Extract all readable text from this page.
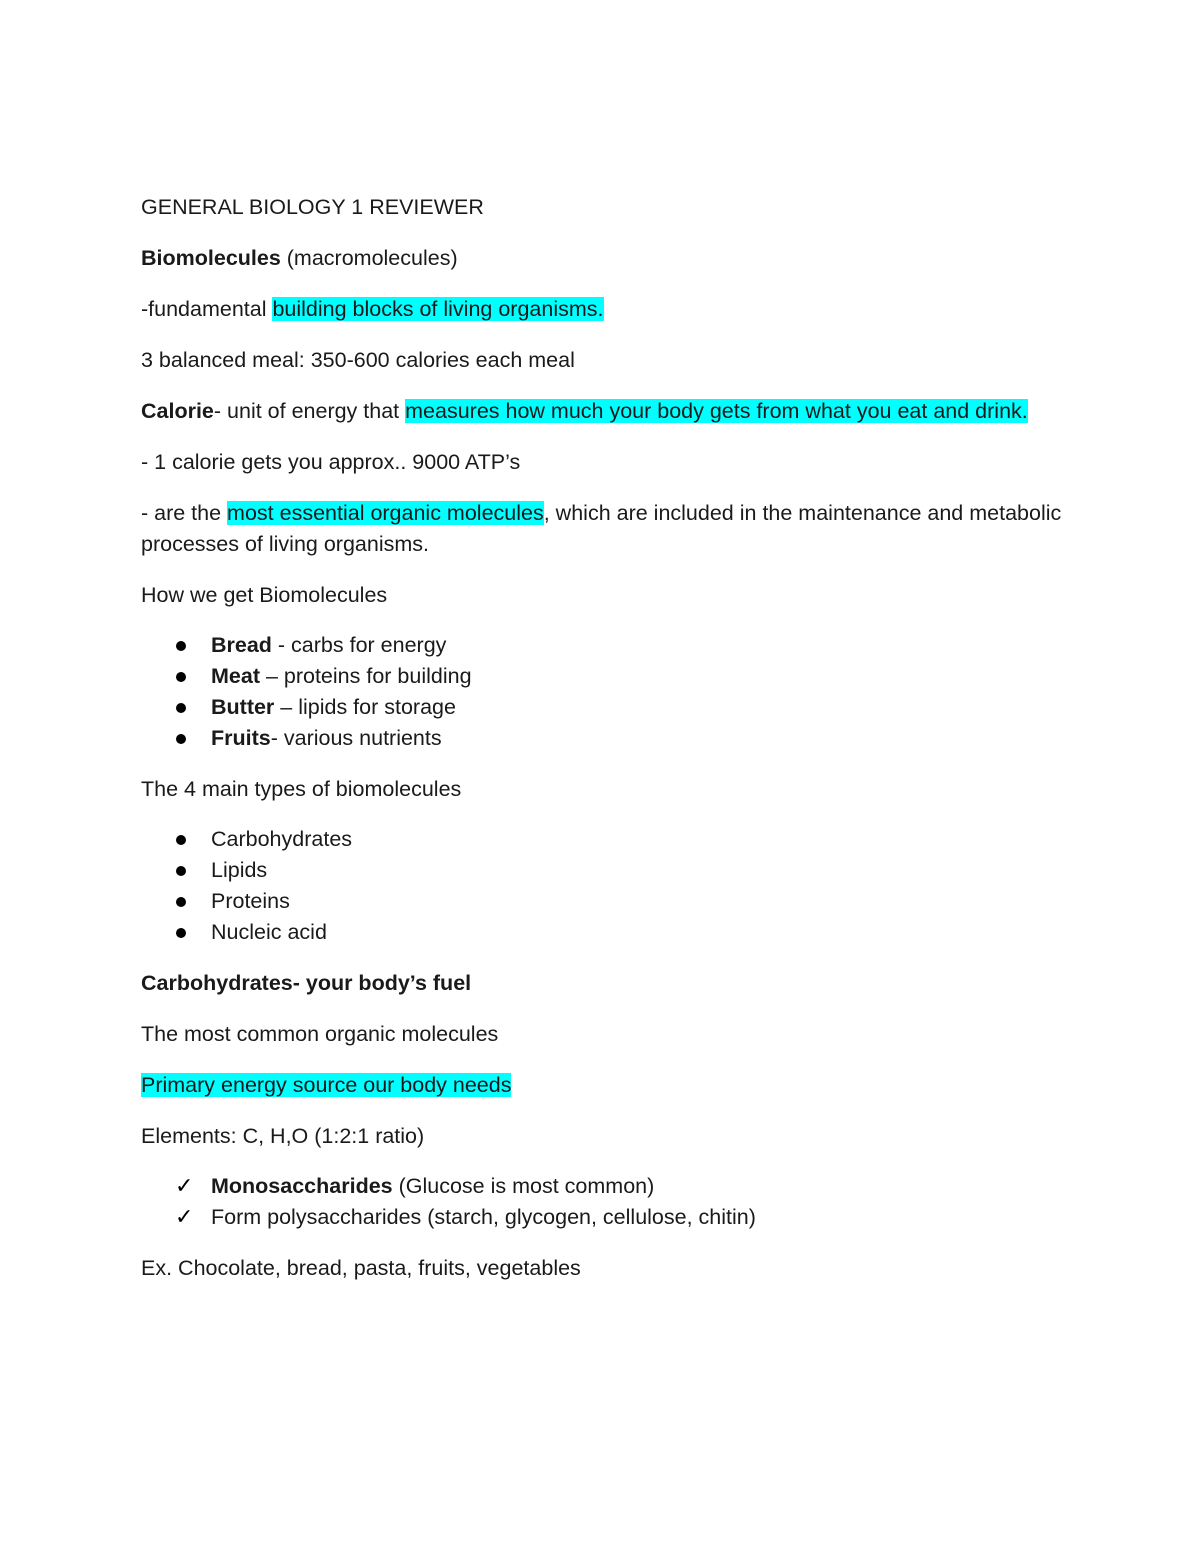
GENERAL BIOLOGY 1 REVIEWER

Biomolecules (macromolecules)

-fundamental building blocks of living organisms.

3 balanced meal: 350-600 calories each meal

Calorie- unit of energy that measures how much your body gets from what you eat and drink.

- 1 calorie gets you approx.. 9000 ATP’s

- are the most essential organic molecules, which are included in the maintenance and metabolic processes of living organisms.

How we get Biomolecules

Bread - carbs for energy
Meat – proteins for building
Butter – lipids for storage
Fruits- various nutrients

The 4 main types of biomolecules

Carbohydrates
Lipids
Proteins
Nucleic acid

Carbohydrates- your body’s fuel

The most common organic molecules

Primary energy source our body needs

Elements: C, H,O (1:2:1 ratio)

✓ Monosaccharides (Glucose is most common)
✓ Form polysaccharides (starch, glycogen, cellulose, chitin)

Ex. Chocolate, bread, pasta, fruits, vegetables
